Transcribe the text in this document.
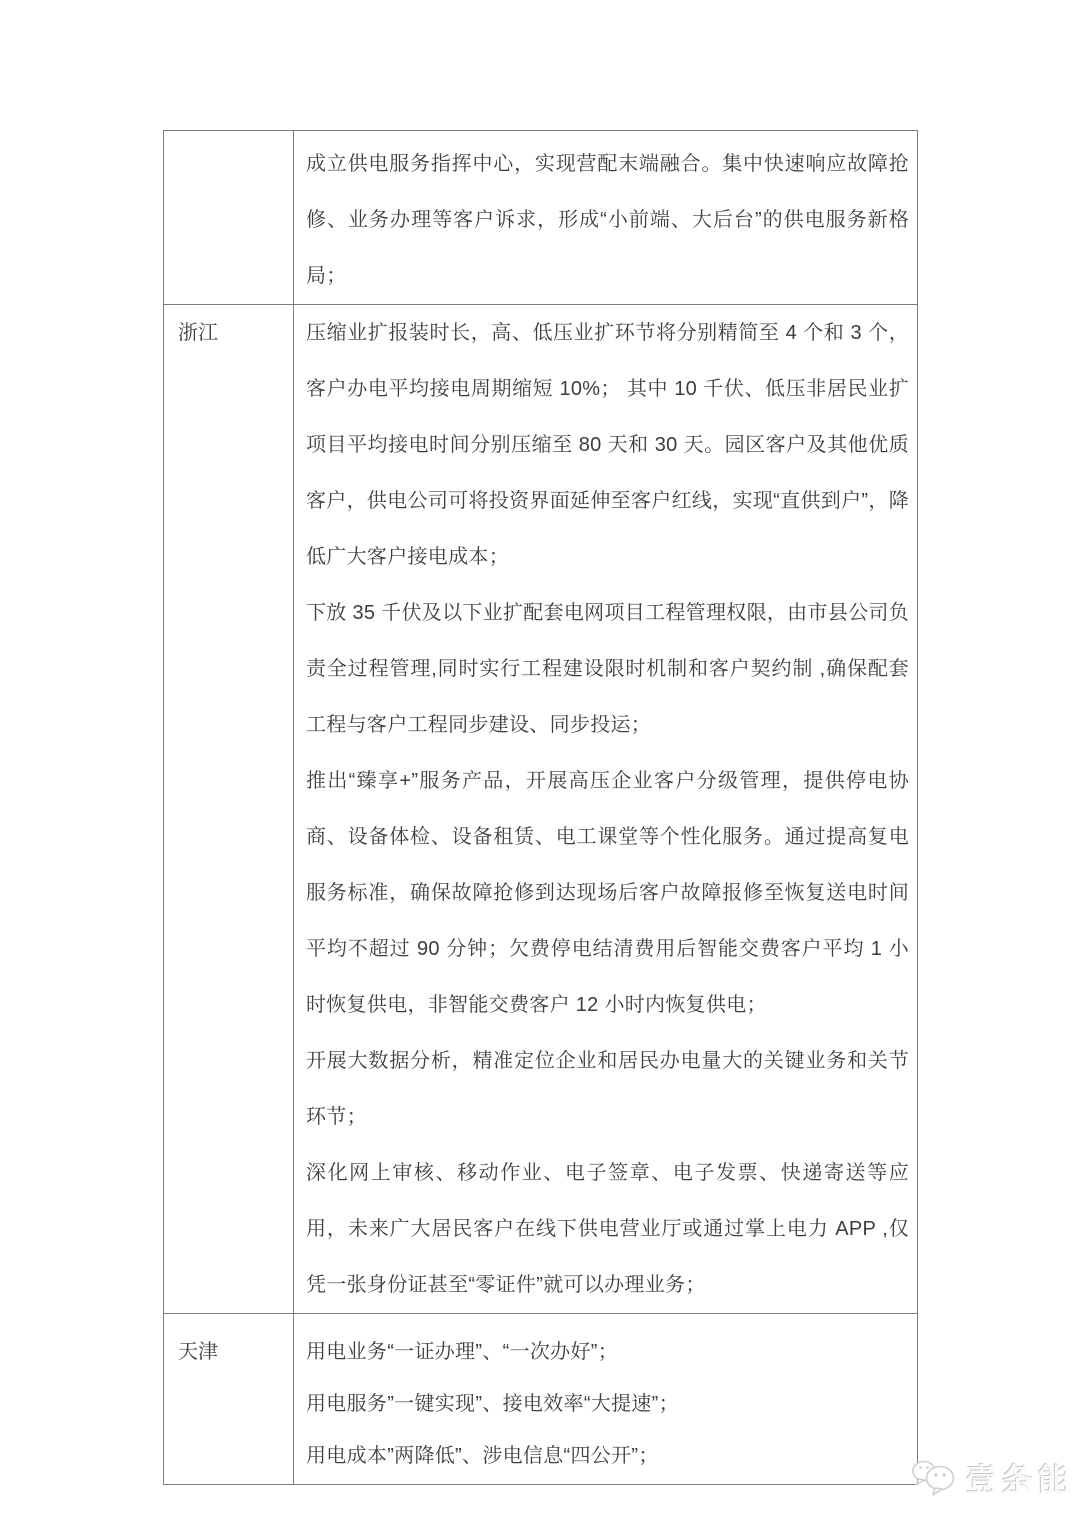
	成立供电服务指挥中心，实现营配末端融合。集中快速响应故障抢修、业务办理等客户诉求，形成“小前端、大后台”的供电服务新格局；

浙江	压缩业扩报装时长，高、低压业扩环节将分别精简至 4 个和 3 个，客户办电平均接电周期缩短 10%； 其中 10 千伏、低压非居民业扩项目平均接电时间分别压缩至 80 天和 30 天。园区客户及其他优质客户，供电公司可将投资界面延伸至客户红线，实现“直供到户”，降低广大客户接电成本；

下放 35 千伏及以下业扩配套电网项目工程管理权限，由市县公司负责全过程管理,同时实行工程建设限时机制和客户契约制 ,确保配套工程与客户工程同步建设、同步投运；

推出“臻享+”服务产品，开展高压企业客户分级管理，提供停电协商、设备体检、设备租赁、电工课堂等个性化服务。通过提高复电服务标准，确保故障抢修到达现场后客户故障报修至恢复送电时间平均不超过 90 分钟；欠费停电结清费用后智能交费客户平均 1 小时恢复供电，非智能交费客户 12 小时内恢复供电；

开展大数据分析，精准定位企业和居民办电量大的关键业务和关节环节；

深化网上审核、移动作业、电子签章、电子发票、快递寄送等应用，未来广大居民客户在线下供电营业厅或通过掌上电力 APP ,仅凭一张身份证甚至“零证件”就可以办理业务；

天津	用电业务“一证办理”、“一次办好”；

用电服务”一键实现”、接电效率“大提速”；

用电成本”两降低”、涉电信息“四公开”；

壹条能
